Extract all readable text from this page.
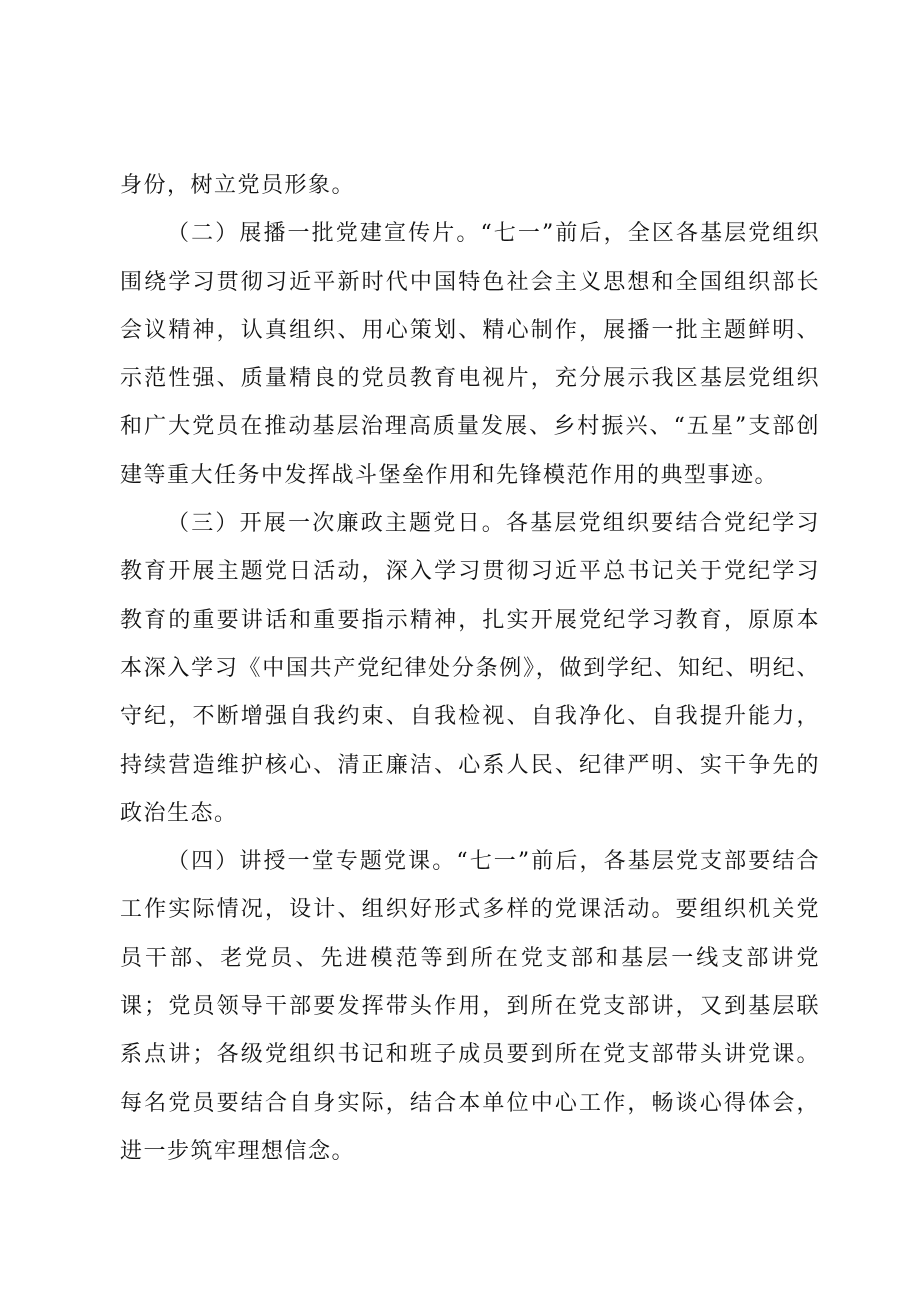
身份，树立党员形象。

（二）展播一批党建宣传片。“七一”前后，全区各基层党组织围绕学习贯彻习近平新时代中国特色社会主义思想和全国组织部长会议精神，认真组织、用心策划、精心制作，展播一批主题鲜明、示范性强、质量精良的党员教育电视片，充分展示我区基层党组织和广大党员在推动基层治理高质量发展、乡村振兴、“五星”支部创建等重大任务中发挥战斗堡垒作用和先锋模范作用的典型事迹。

（三）开展一次廉政主题党日。各基层党组织要结合党纪学习教育开展主题党日活动，深入学习贯彻习近平总书记关于党纪学习教育的重要讲话和重要指示精神，扎实开展党纪学习教育，原原本本深入学习《中国共产党纪律处分条例》，做到学纪、知纪、明纪、守纪，不断增强自我约束、自我检视、自我净化、自我提升能力，持续营造维护核心、清正廉洁、心系人民、纪律严明、实干争先的政治生态。

（四）讲授一堂专题党课。“七一”前后，各基层党支部要结合工作实际情况，设计、组织好形式多样的党课活动。要组织机关党员干部、老党员、先进模范等到所在党支部和基层一线支部讲党课；党员领导干部要发挥带头作用，到所在党支部讲，又到基层联系点讲；各级党组织书记和班子成员要到所在党支部带头讲党课。每名党员要结合自身实际，结合本单位中心工作，畅谈心得体会，进一步筑牢理想信念。
